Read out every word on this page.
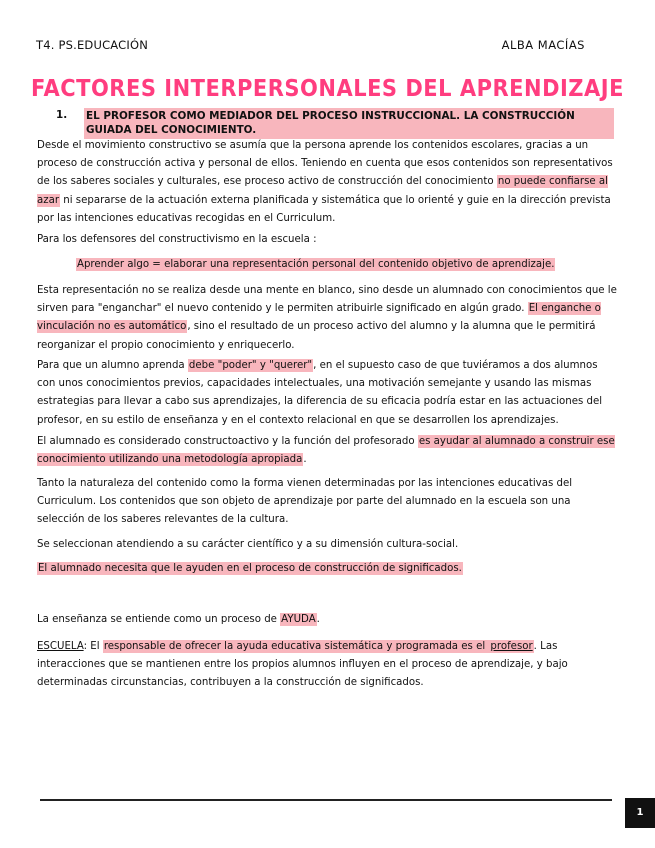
T4. PS.EDUCACIÓN	ALBA MACÍAS
FACTORES INTERPERSONALES DEL APRENDIZAJE
1. EL PROFESOR COMO MEDIADOR DEL PROCESO INSTRUCCIONAL. LA CONSTRUCCIÓN GUIADA DEL CONOCIMIENTO.
Desde el movimiento constructivo se asumía que la persona aprende los contenidos escolares, gracias a un proceso de construcción activa y personal de ellos. Teniendo en cuenta que esos contenidos son representativos de los saberes sociales y culturales, ese proceso activo de construcción del conocimiento no puede confiarse al azar ni separarse de la actuación externa planificada y sistemática que lo orienté y guie en la dirección prevista por las intenciones educativas recogidas en el Curriculum.
Para los defensores del constructivismo en la escuela :
Aprender algo = elaborar una representación personal del contenido objetivo de aprendizaje.
Esta representación no se realiza desde una mente en blanco, sino desde un alumnado con conocimientos que le sirven para "enganchar" el nuevo contenido y le permiten atribuirle significado en algún grado. El enganche o vinculación no es automático, sino el resultado de un proceso activo del alumno y la alumna que le permitirá reorganizar el propio conocimiento y enriquecerlo.
Para que un alumno aprenda debe "poder" y "querer", en el supuesto caso de que tuviéramos a dos alumnos con unos conocimientos previos, capacidades intelectuales, una motivación semejante y usando las mismas estrategias para llevar a cabo sus aprendizajes, la diferencia de su eficacia podría estar en las actuaciones del profesor, en su estilo de enseñanza y en el contexto relacional en que se desarrollen los aprendizajes.
El alumnado es considerado constructoactivo y la función del profesorado es ayudar al alumnado a construir ese conocimiento utilizando una metodología apropiada.
Tanto la naturaleza del contenido como la forma vienen determinadas por las intenciones educativas del Curriculum. Los contenidos que son objeto de aprendizaje por parte del alumnado en la escuela son una selección de los saberes relevantes de la cultura.
Se seleccionan atendiendo a su carácter científico y a su dimensión cultura-social.
El alumnado necesita que le ayuden en el proceso de construcción de significados.
La enseñanza se entiende como un proceso de AYUDA.
ESCUELA: El responsable de ofrecer la ayuda educativa sistemática y programada es el profesor. Las interacciones que se mantienen entre los propios alumnos influyen en el proceso de aprendizaje, y bajo determinadas circunstancias, contribuyen a la construcción de significados.
1
